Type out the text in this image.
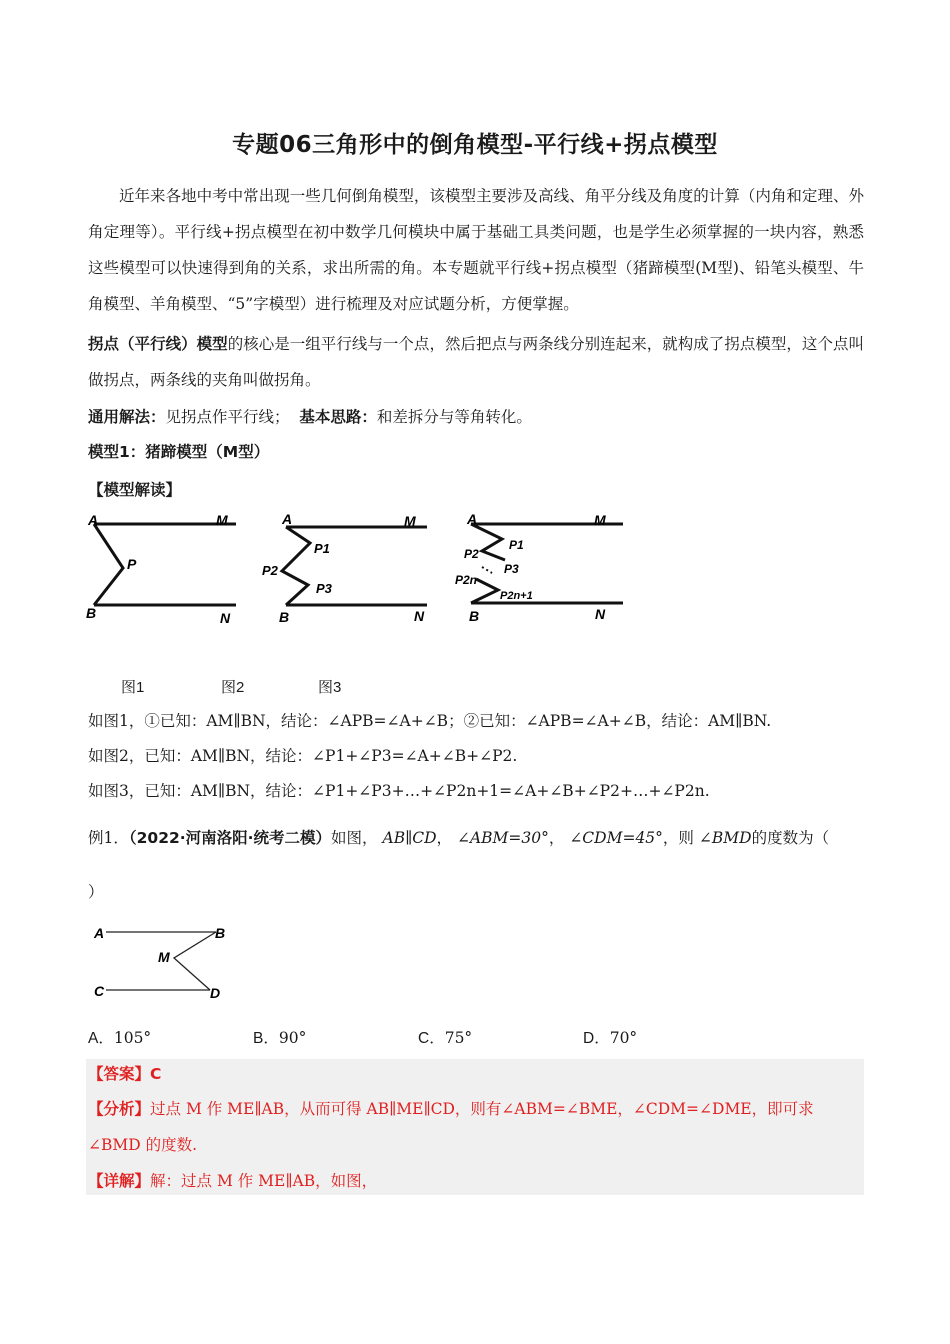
专题06三角形中的倒角模型-平行线+拐点模型
近年来各地中考中常出现一些几何倒角模型，该模型主要涉及高线、角平分线及角度的计算（内角和定理、外角定理等）。平行线+拐点模型在初中数学几何模块中属于基础工具类问题，也是学生必须掌握的一块内容，熟悉这些模型可以快速得到角的关系，求出所需的角。本专题就平行线+拐点模型（猪蹄模型(M型)、铅笔头模型、牛角模型、羊角模型、“5”字模型）进行梳理及对应试题分析，方便掌握。
拐点（平行线）模型的核心是一组平行线与一个点，然后把点与两条线分别连起来，就构成了拐点模型，这个点叫做拐点，两条线的夹角叫做拐角。
通用解法：见拐点作平行线； 基本思路：和差拆分与等角转化。
模型1：猪蹄模型（M型）
【模型解读】
A	M
P
B	N
A	M
P1
P2
P3
B	N
A	M
P1
P2
P3
P2n
P2n+1
B	N
图1	图2	图3
如图1，①已知：AM∥BN，结论：∠APB=∠A+∠B；②已知：∠APB=∠A+∠B，结论：AM∥BN.
如图2，已知：AM∥BN，结论：∠P1+∠P3=∠A+∠B+∠P2.
如图3，已知：AM∥BN，结论：∠P1+∠P3+…+∠P2n+1=∠A+∠B+∠P2+…+∠P2n.
例1．（2022·河南洛阳·统考二模）如图， AB∥CD， ∠ABM=30°， ∠CDM=45°，则 ∠BMD的度数为（
）
A	B
C	D
M
A．105°	B．90°	C．75°	D．70°
【答案】C
【分析】过点 M 作 ME∥AB，从而可得 AB∥ME∥CD，则有∠ABM=∠BME，∠CDM=∠DME，即可求
∠BMD 的度数.
【详解】解：过点 M 作 ME∥AB，如图，
